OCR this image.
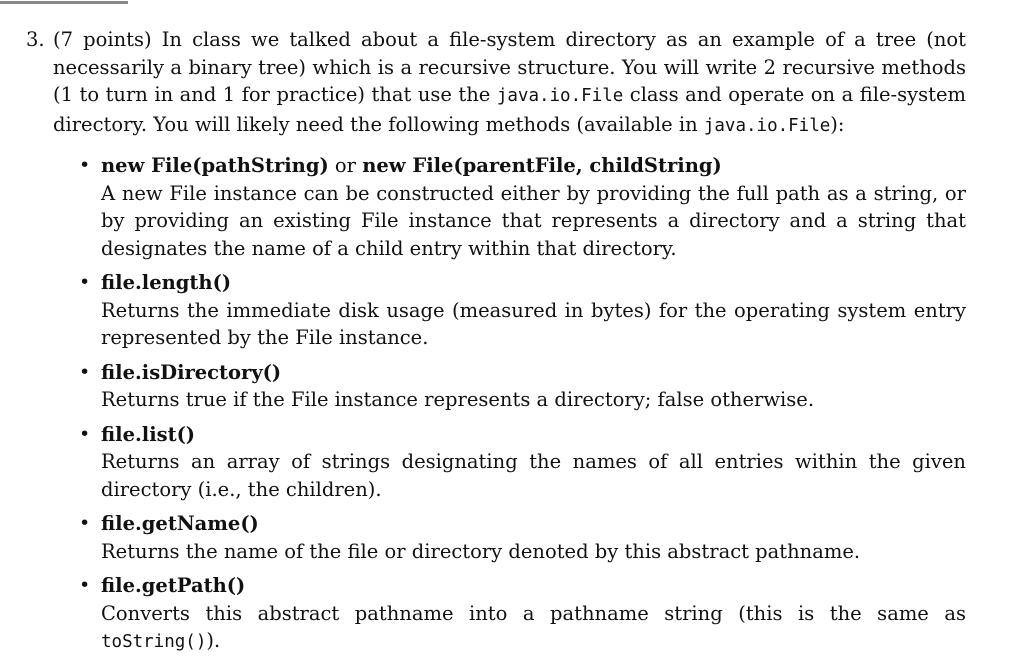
3. (7 points) In class we talked about a file-system directory as an example of a tree (not necessarily a binary tree) which is a recursive structure. You will write 2 recursive methods (1 to turn in and 1 for practice) that use the java.io.File class and operate on a file-system directory. You will likely need the following methods (available in java.io.File):
• new File(pathString) or new File(parentFile, childString)
A new File instance can be constructed either by providing the full path as a string, or by providing an existing File instance that represents a directory and a string that designates the name of a child entry within that directory.
• file.length()
Returns the immediate disk usage (measured in bytes) for the operating system entry represented by the File instance.
• file.isDirectory()
Returns true if the File instance represents a directory; false otherwise.
• file.list()
Returns an array of strings designating the names of all entries within the given directory (i.e., the children).
• file.getName()
Returns the name of the file or directory denoted by this abstract pathname.
• file.getPath()
Converts this abstract pathname into a pathname string (this is the same as toString()).
